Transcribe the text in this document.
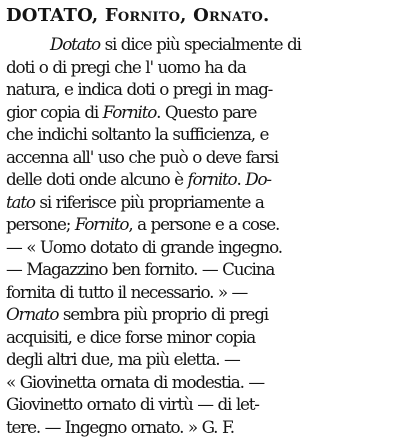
DOTATO, Fornito, Ornato.
Dotato si dice più specialmente di
doti o di pregi che l' uomo ha da
natura, e indica doti o pregi in mag-
gior copia di Fornito. Questo pare
che indichi soltanto la sufficienza, e
accenna all' uso che può o deve farsi
delle doti onde alcuno è fornito. Do-
tato si riferisce più propriamente a
persone; Fornito, a persone e a cose.
— « Uomo dotato di grande ingegno.
— Magazzino ben fornito. — Cucina
fornita di tutto il necessario. » —
Ornato sembra più proprio di pregi
acquisiti, e dice forse minor copia
degli altri due, ma più eletta. —
« Giovinetta ornata di modestia. —
Giovinetto ornato di virtù — di let-
tere. — Ingegno ornato. » G. F.
